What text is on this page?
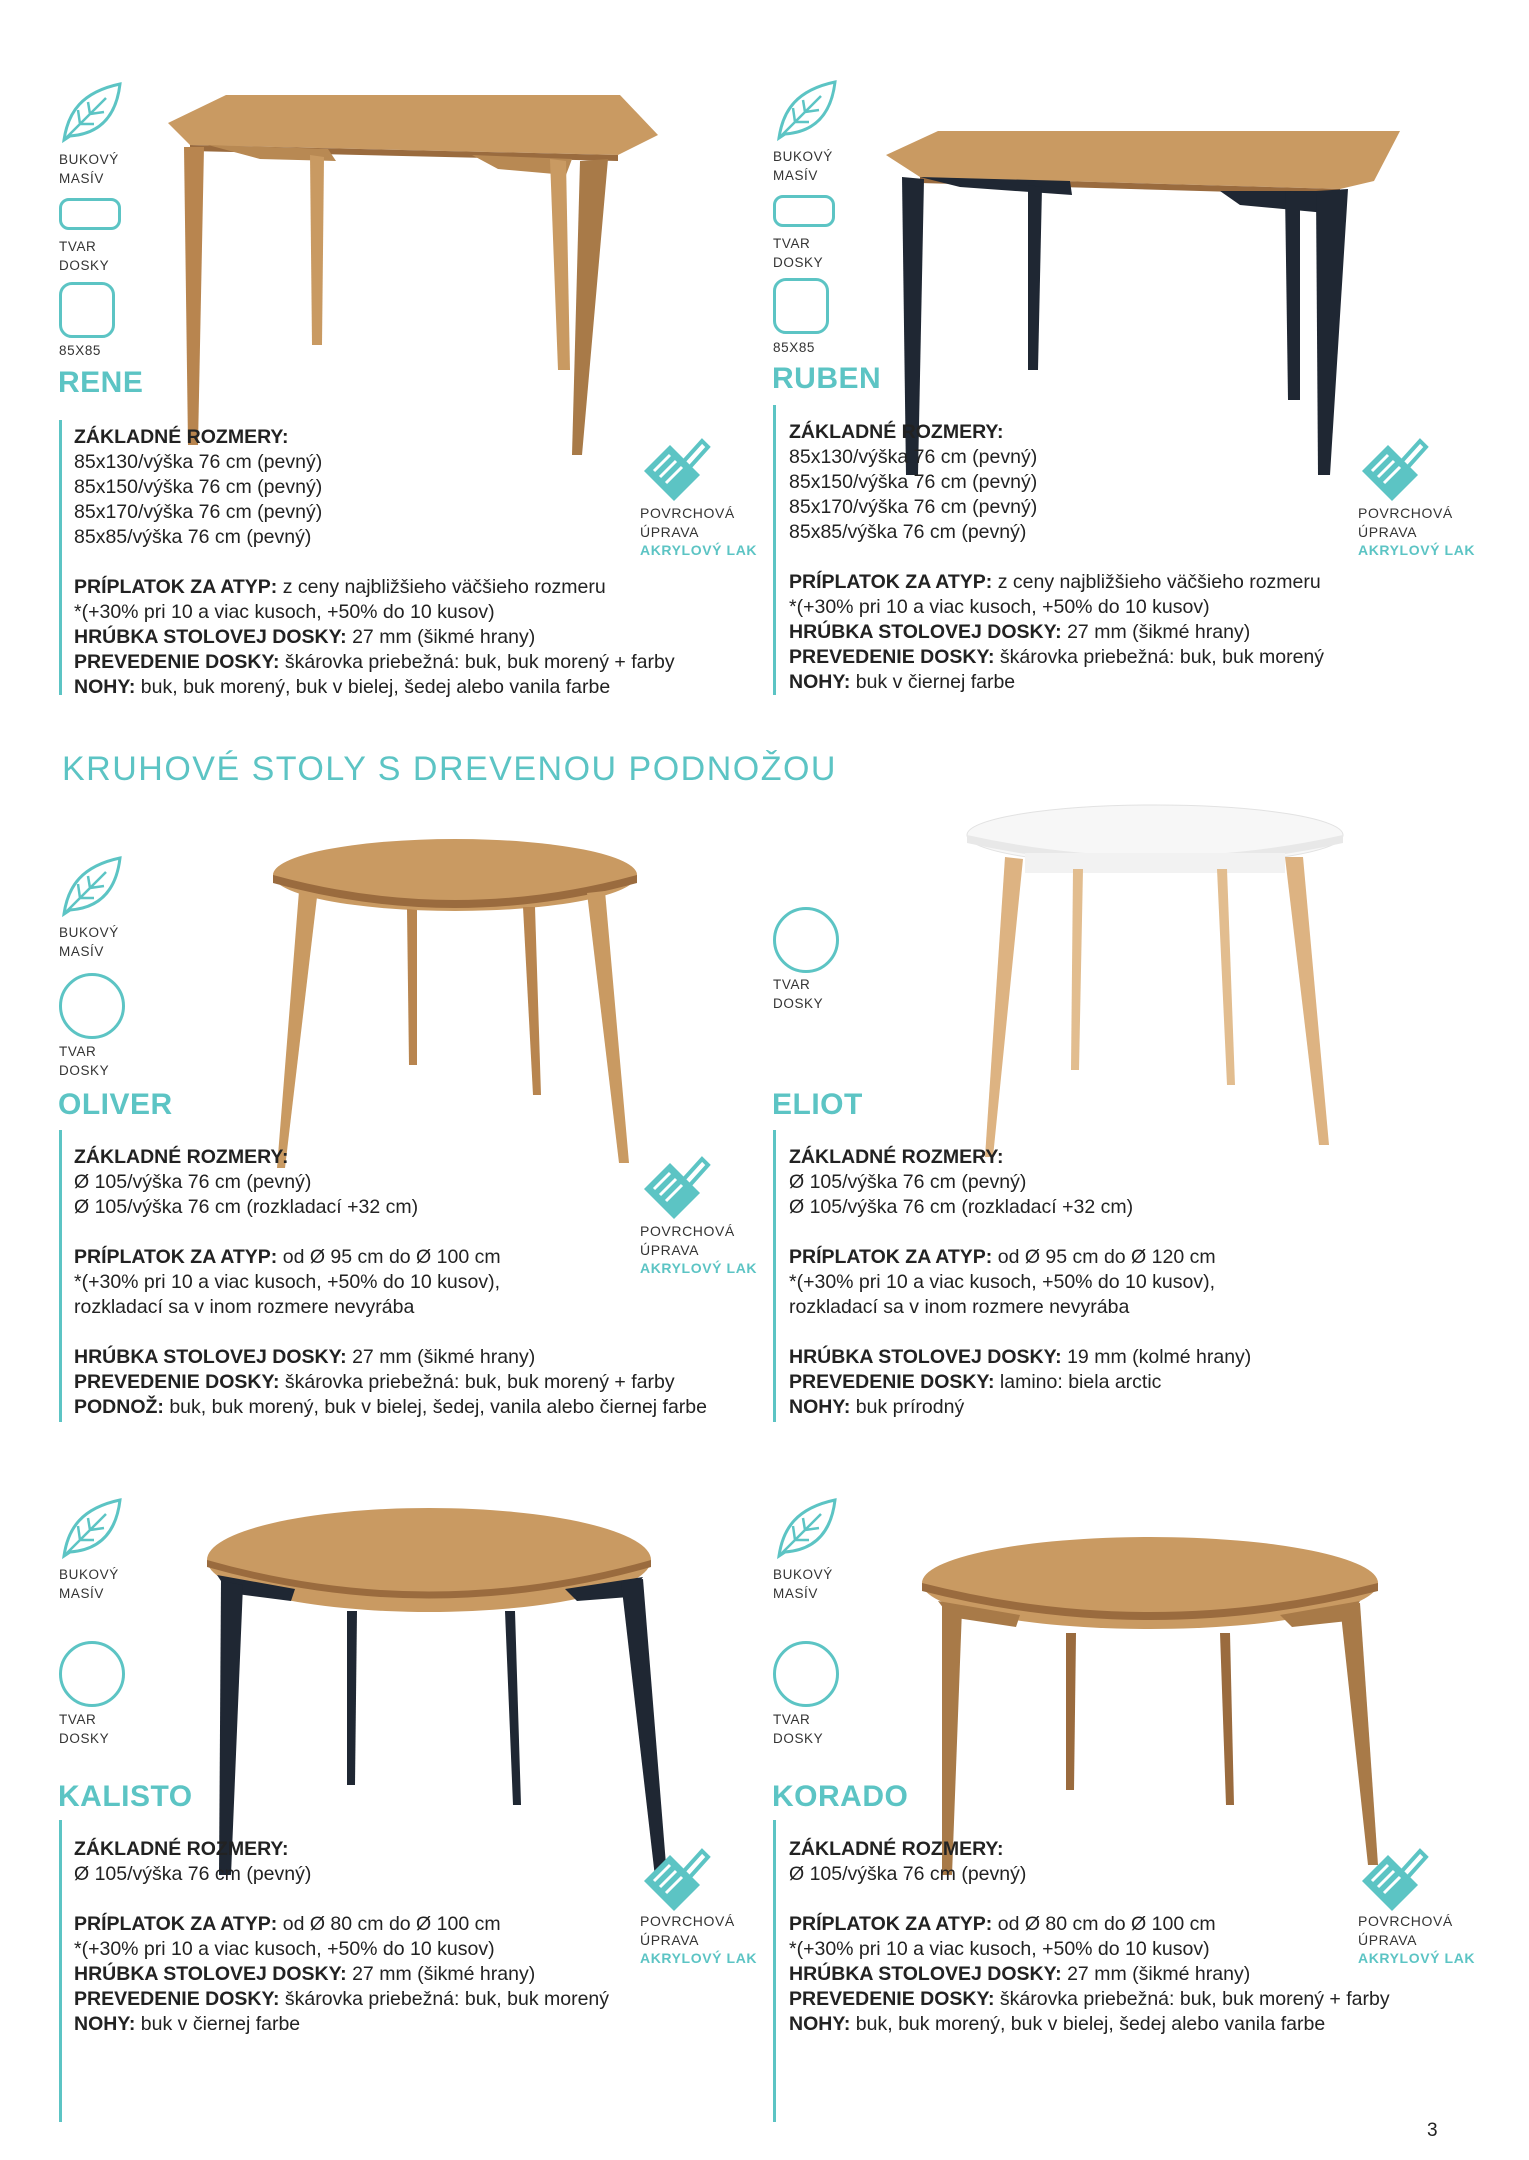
BUKOVÝ
MASÍV
TVAR
DOSKY
85X85
RENE
ZÁKLADNÉ ROZMERY:
85x130/výška 76 cm (pevný)
85x150/výška 76 cm (pevný)
85x170/výška 76 cm (pevný)
85x85/výška 76 cm (pevný)
PRÍPLATOK ZA ATYP: z ceny najbližšieho väčšieho rozmeru
*(+30% pri 10 a viac kusoch, +50% do 10 kusov)
HRÚBKA STOLOVEJ DOSKY: 27 mm (šikmé hrany)
PREVEDENIE DOSKY: škárovka priebežná: buk, buk morený + farby
NOHY: buk, buk morený, buk v bielej, šedej alebo vanila farbe
POVRCHOVÁ
ÚPRAVA
AKRYLOVÝ LAK
BUKOVÝ
MASÍV
TVAR
DOSKY
85X85
RUBEN
ZÁKLADNÉ ROZMERY:
85x130/výška 76 cm (pevný)
85x150/výška 76 cm (pevný)
85x170/výška 76 cm (pevný)
85x85/výška 76 cm (pevný)
PRÍPLATOK ZA ATYP: z ceny najbližšieho väčšieho rozmeru
*(+30% pri 10 a viac kusoch, +50% do 10 kusov)
HRÚBKA STOLOVEJ DOSKY: 27 mm (šikmé hrany)
PREVEDENIE DOSKY: škárovka priebežná: buk, buk morený
NOHY: buk v čiernej farbe
POVRCHOVÁ
ÚPRAVA
AKRYLOVÝ LAK
KRUHOVÉ STOLY S DREVENOU PODNOŽOU
BUKOVÝ
MASÍV
TVAR
DOSKY
OLIVER
ZÁKLADNÉ ROZMERY:
Ø 105/výška 76 cm (pevný)
Ø 105/výška 76 cm (rozkladací +32 cm)
PRÍPLATOK ZA ATYP: od Ø 95 cm do Ø 100 cm
*(+30% pri 10 a viac kusoch, +50% do 10 kusov),
rozkladací sa v inom rozmere nevyrába
HRÚBKA STOLOVEJ DOSKY: 27 mm (šikmé hrany)
PREVEDENIE DOSKY: škárovka priebežná: buk, buk morený + farby
PODNOŽ: buk, buk morený, buk v bielej, šedej, vanila alebo čiernej farbe
POVRCHOVÁ
ÚPRAVA
AKRYLOVÝ LAK
TVAR
DOSKY
ELIOT
ZÁKLADNÉ ROZMERY:
Ø 105/výška 76 cm (pevný)
Ø 105/výška 76 cm (rozkladací +32 cm)
PRÍPLATOK ZA ATYP: od Ø 95 cm do Ø 120 cm
*(+30% pri 10 a viac kusoch, +50% do 10 kusov),
rozkladací sa v inom rozmere nevyrába
HRÚBKA STOLOVEJ DOSKY: 19 mm (kolmé hrany)
PREVEDENIE DOSKY: lamino: biela arctic
NOHY: buk prírodný
BUKOVÝ
MASÍV
TVAR
DOSKY
KALISTO
ZÁKLADNÉ ROZMERY:
Ø 105/výška 76 cm (pevný)
PRÍPLATOK ZA ATYP: od Ø 80 cm do Ø 100 cm
*(+30% pri 10 a viac kusoch, +50% do 10 kusov)
HRÚBKA STOLOVEJ DOSKY: 27 mm (šikmé hrany)
PREVEDENIE DOSKY: škárovka priebežná: buk, buk morený
NOHY: buk v čiernej farbe
POVRCHOVÁ
ÚPRAVA
AKRYLOVÝ LAK
BUKOVÝ
MASÍV
TVAR
DOSKY
KORADO
ZÁKLADNÉ ROZMERY:
Ø 105/výška 76 cm (pevný)
PRÍPLATOK ZA ATYP: od Ø 80 cm do Ø 100 cm
*(+30% pri 10 a viac kusoch, +50% do 10 kusov)
HRÚBKA STOLOVEJ DOSKY: 27 mm (šikmé hrany)
PREVEDENIE DOSKY: škárovka priebežná: buk, buk morený + farby
NOHY: buk, buk morený, buk v bielej, šedej alebo vanila farbe
POVRCHOVÁ
ÚPRAVA
AKRYLOVÝ LAK
3
